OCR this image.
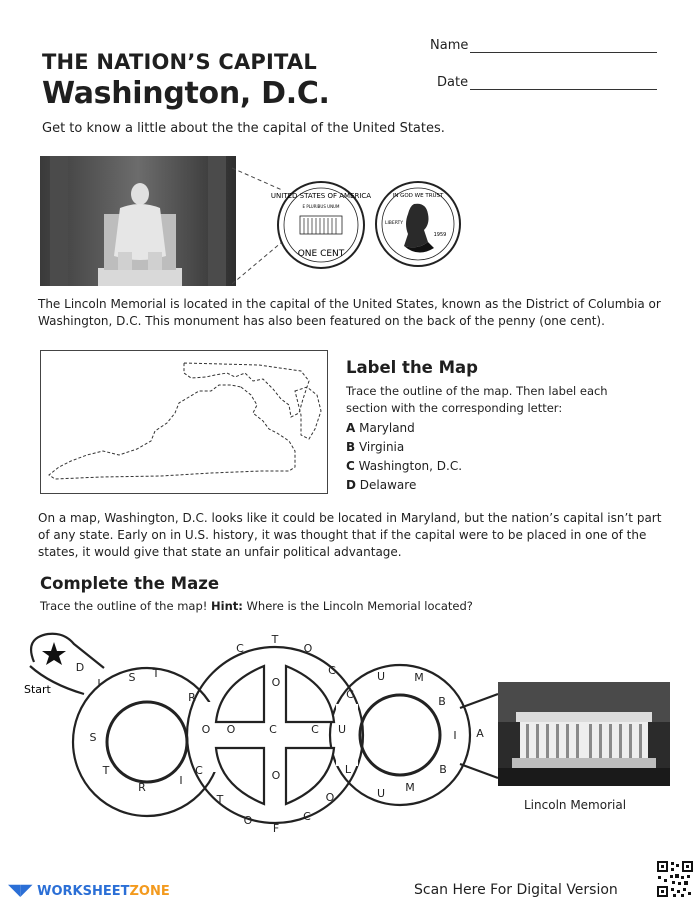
THE NATION’S CAPITAL
Washington, D.C.
Name
Date
Get to know a little about the the capital of the United States.
UNITED STATES OF AMERICA
E PLURIBUS UNUM
ONE CENT
IN GOD WE TRUST
LIBERTY
1959
The Lincoln Memorial is located in the capital of the United States, known as the District of Columbia or Washington, D.C. This monument has also been featured on the back of the penny (one cent).
Label the Map
Trace the outline of the map. Then label each section with the corresponding letter:
A Maryland
B Virginia
C Washington, D.C.
D Delaware
On a map, Washington, D.C. looks like it could be located in Maryland, but the nation’s capital isn’t part of any state. Early on in U.S. history, it was thought that if the capital were to be placed in one of the states, it would give that state an unfair political advantage.
Complete the Maze
Trace the outline of the map! Hint: Where is the Lincoln Memorial located?
Start
D
I	S T
R
S
T
R
I
C
C
T
O
C
O O	C	C U
O
O
C
U	M
B
I A
T
O
F
C
O
L
U M
B
Lincoln Memorial
◥◤ WORKSHEETZONE	Scan Here For Digital Version
